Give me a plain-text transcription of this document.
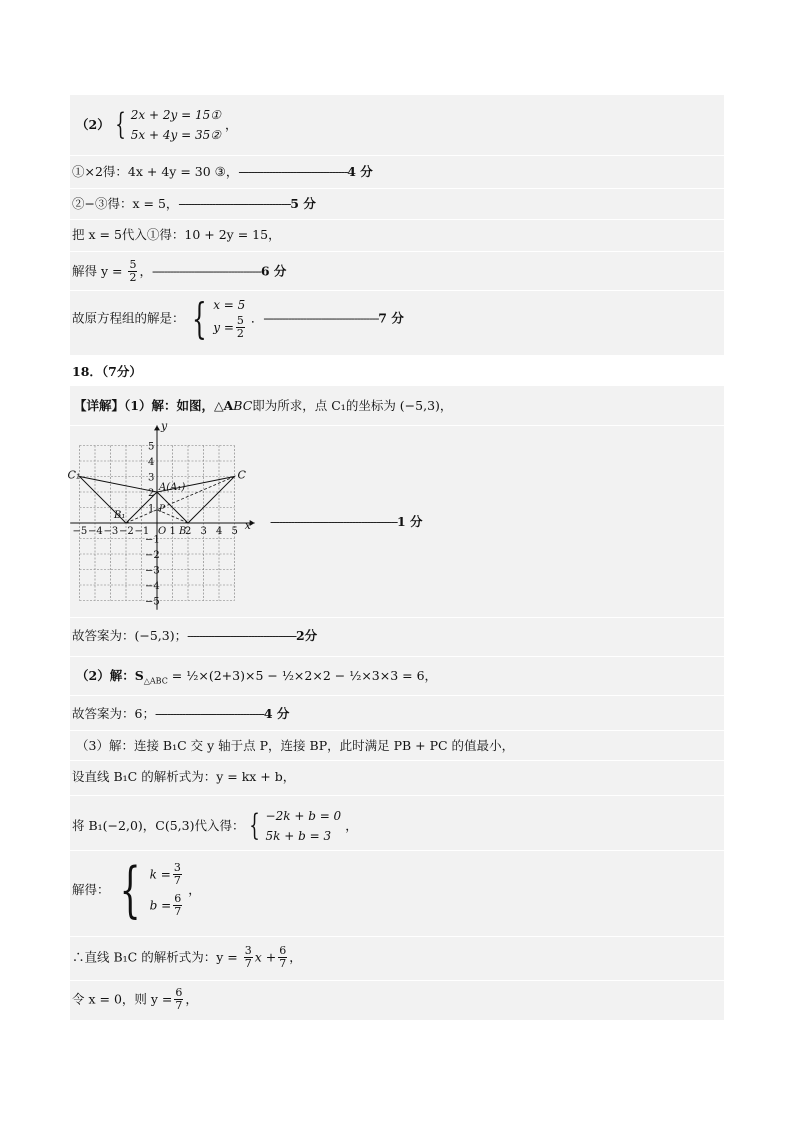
（2） { 2x + 2y = 15①
5x + 4y = 35②
，
①×2得：4x + 4y = 30 ③，------------------------------------4 分
②−③得：x = 5，-------------------------------------5 分
把 x = 5代入①得：10 + 2y = 15，
解得 $y = \frac{5}{2}$ ，------------------------------------6 分
故原方程组的解是： { x = 5
$y = \frac{5}{2}$ ．--------------------------------------7 分
18．（7分）
【详解】（1）解：如图，△ABC即为所求，点 C₁的坐标为 (−5,3)，
−5 −4 −3 −2 −1 1 2 3 4 5
5
4
3
2
1
−1
−2
−3
−4
−5
x
y
O
C₁	C
A(A₁)
B₁
B
P
------------------------------------------1 分
故答案为：(−5,3)；------------------------------------2分
（2）解：$S_{\triangle ABC}$ = ½×(2+3)×5 − ½×2×2 − ½×3×3 = 6，
故答案为：6；------------------------------------4 分
（3）解：连接 B₁C 交 y 轴于点 P，连接 BP，此时满足 PB + PC 的值最小，
设直线 B₁C 的解析式为：y = kx + b，
将 B₁(−2,0)，C(5,3)代入得： { −2k + b = 0
5k + b = 3
，
解得： { $k = \frac{3}{7}$
$b = \frac{6}{7}$
，
∴直线 B₁C 的解析式为：$y = \frac{3}{7}$ $x + \frac{6}{7}$ ，
令 x = 0，则 $y = \frac{6}{7}$ ，
